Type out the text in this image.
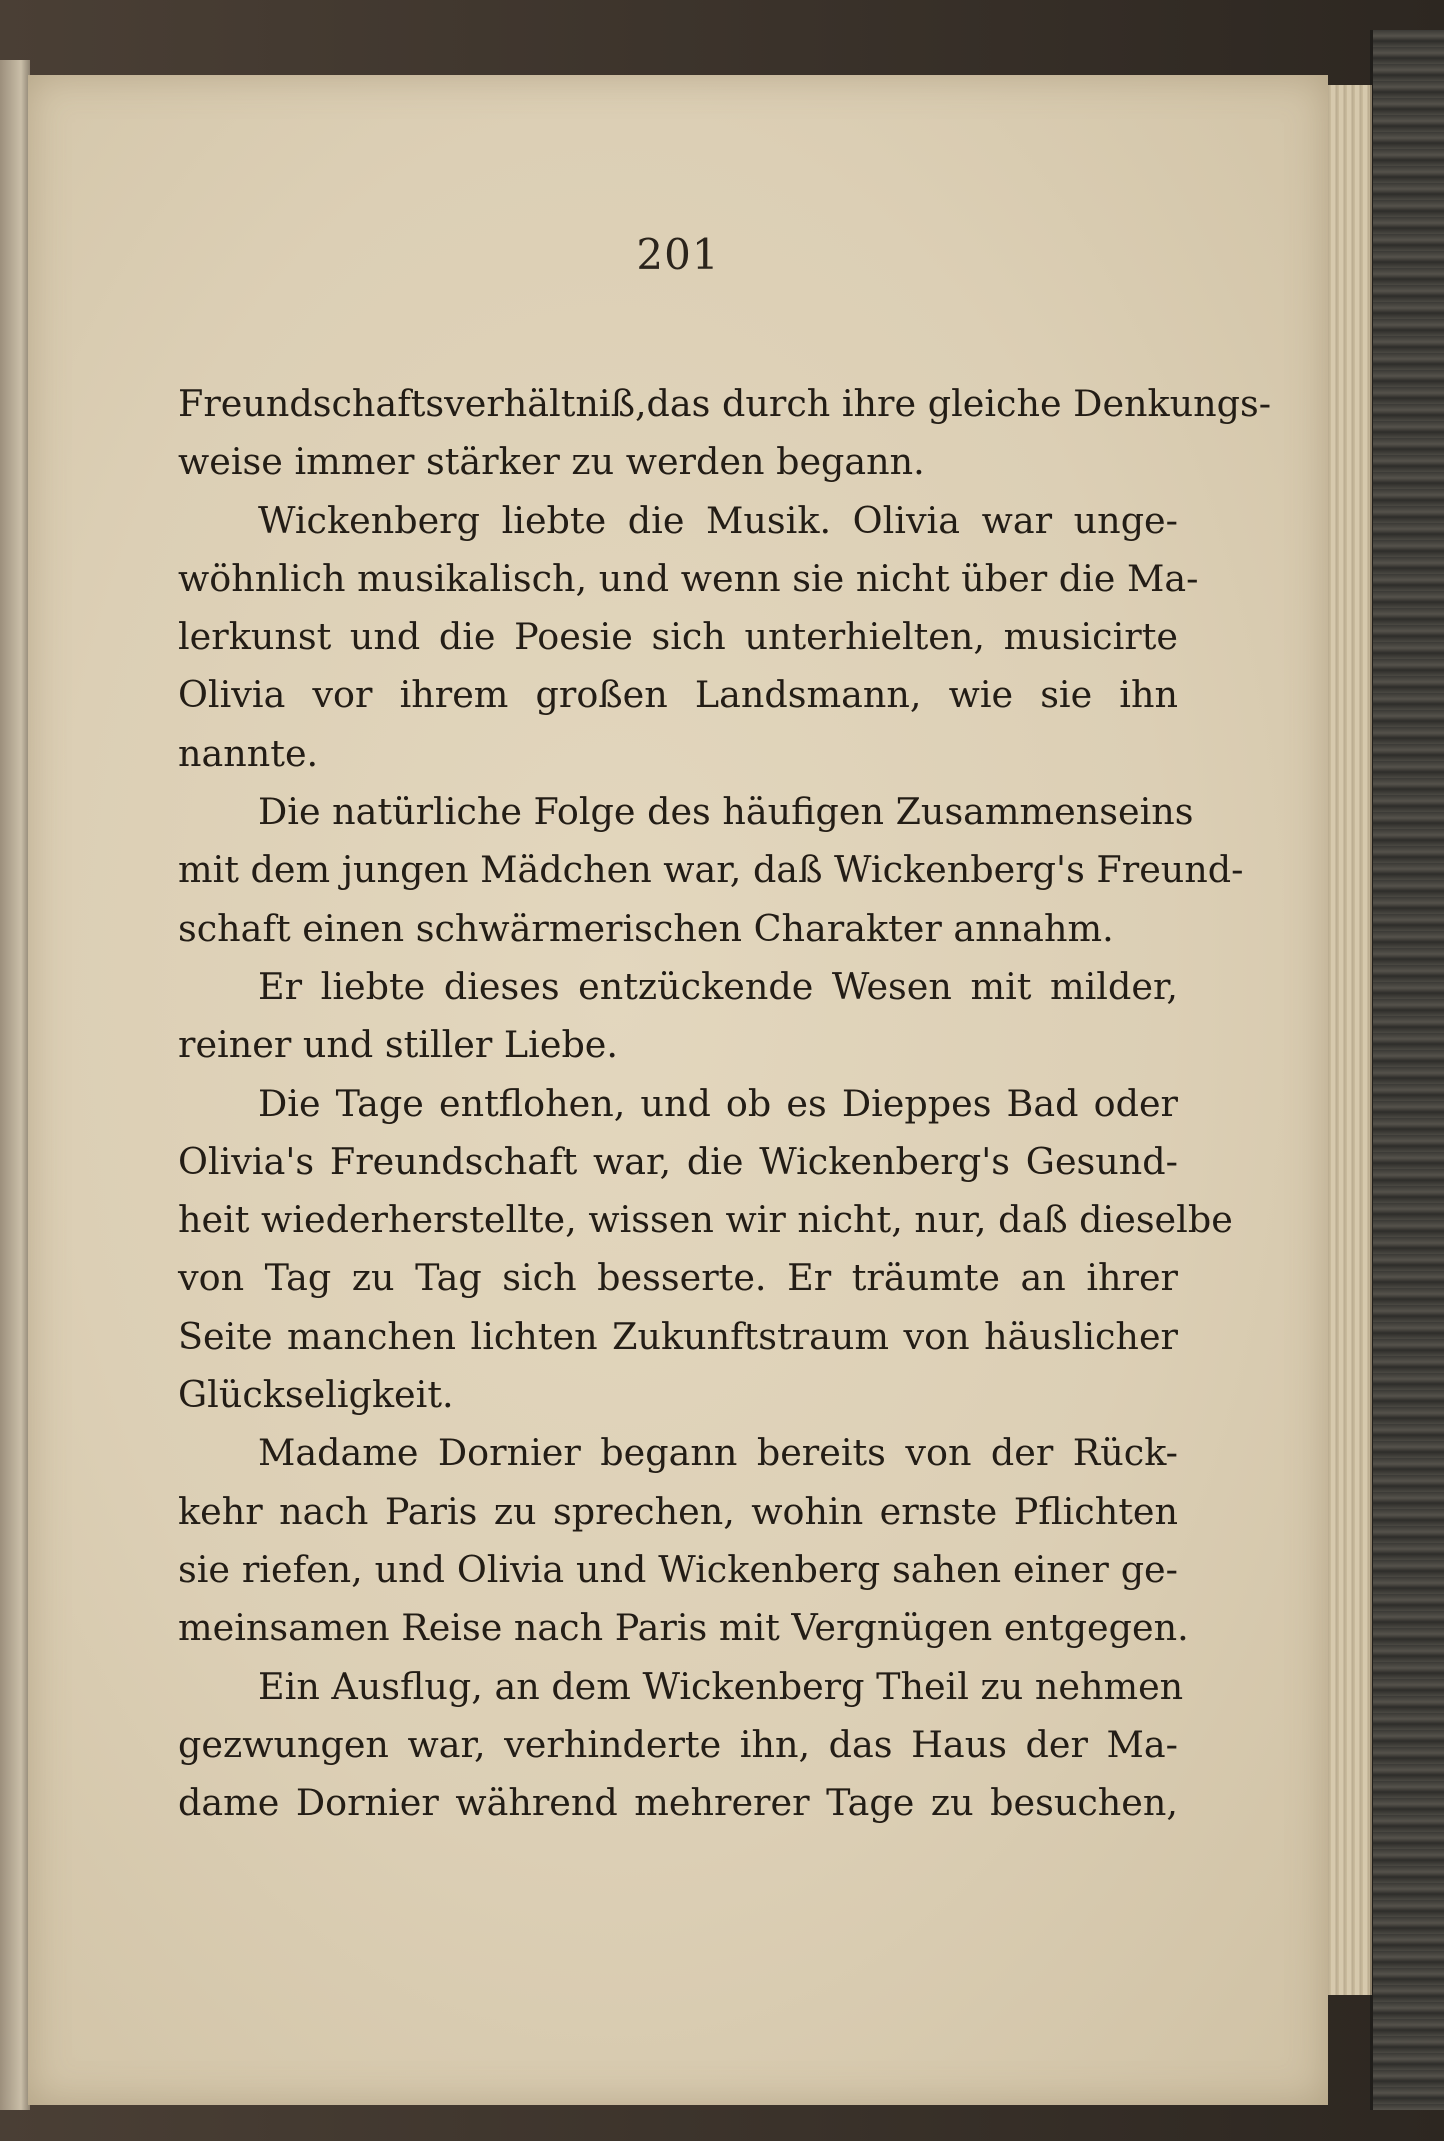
201

Freundschaftsverhältniß,das durch ihre gleiche Denkungs-
weise immer stärker zu werden begann.

Wickenberg liebte die Musik. Olivia war unge-
wöhnlich musikalisch, und wenn sie nicht über die Ma-
lerkunst und die Poesie sich unterhielten, musicirte
Olivia vor ihrem großen Landsmann, wie sie ihn
nannte.

Die natürliche Folge des häufigen Zusammenseins
mit dem jungen Mädchen war, daß Wickenberg's Freund-
schaft einen schwärmerischen Charakter annahm.

Er liebte dieses entzückende Wesen mit milder,
reiner und stiller Liebe.

Die Tage entflohen, und ob es Dieppes Bad oder
Olivia's Freundschaft war, die Wickenberg's Gesund-
heit wiederherstellte, wissen wir nicht, nur, daß dieselbe
von Tag zu Tag sich besserte. Er träumte an ihrer
Seite manchen lichten Zukunftstraum von häuslicher
Glückseligkeit.

Madame Dornier begann bereits von der Rück-
kehr nach Paris zu sprechen, wohin ernste Pflichten
sie riefen, und Olivia und Wickenberg sahen einer ge-
meinsamen Reise nach Paris mit Vergnügen entgegen.

Ein Ausflug, an dem Wickenberg Theil zu nehmen
gezwungen war, verhinderte ihn, das Haus der Ma-
dame Dornier während mehrerer Tage zu besuchen,
